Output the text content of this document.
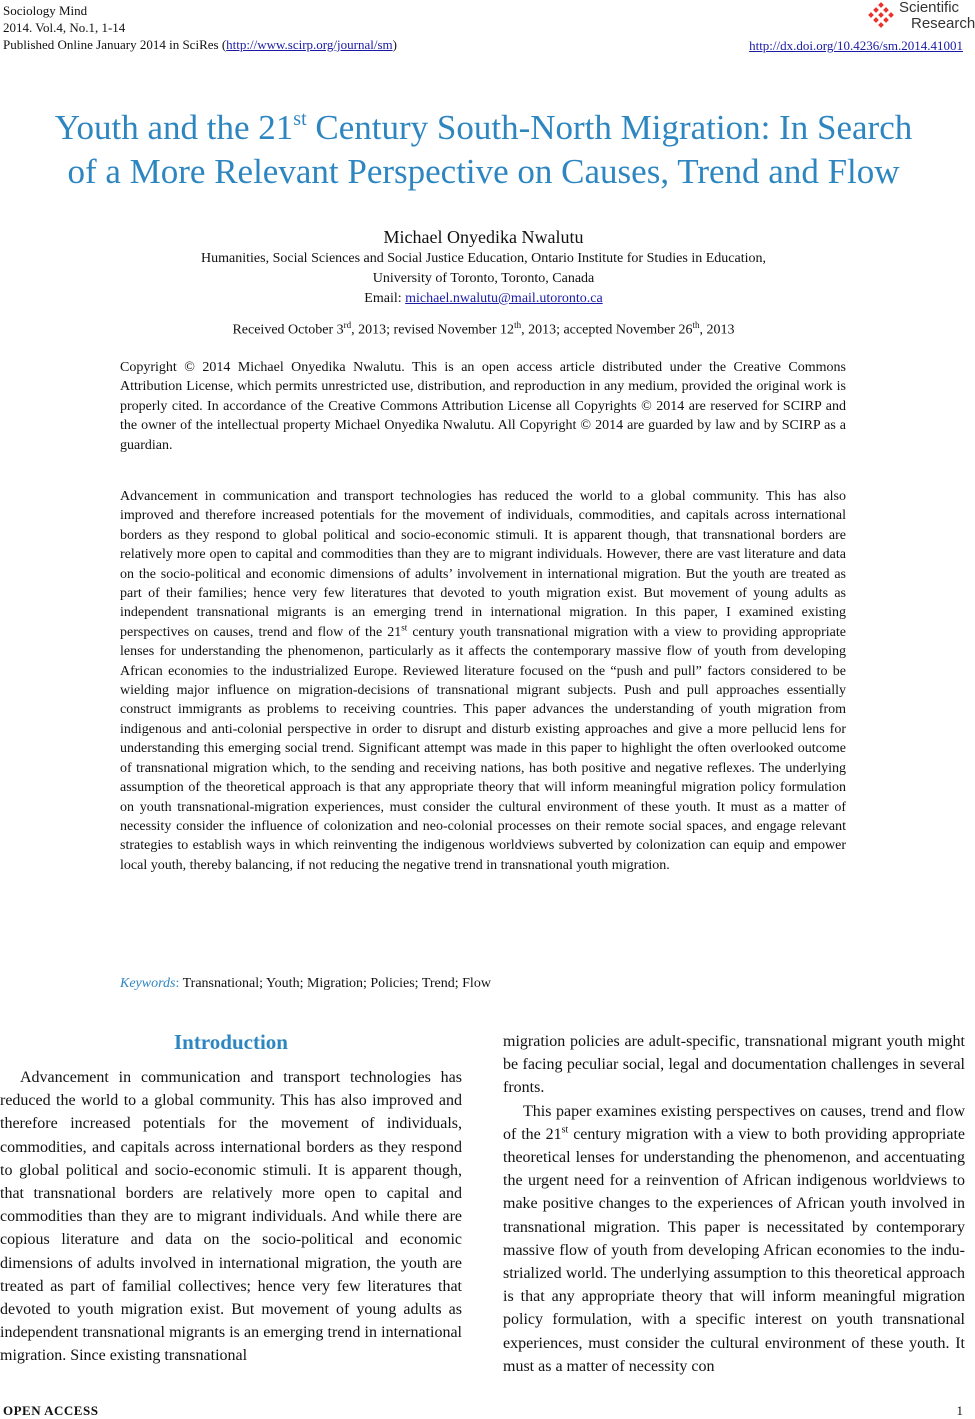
Sociology Mind
2014. Vol.4, No.1, 1-14
Published Online January 2014 in SciRes (http://www.scirp.org/journal/sm)	http://dx.doi.org/10.4236/sm.2014.41001
Scientific
Research
Youth and the 21st Century South-North Migration: In Search
of a More Relevant Perspective on Causes, Trend and Flow
Michael Onyedika Nwalutu
Humanities, Social Sciences and Social Justice Education, Ontario Institute for Studies in Education,
University of Toronto, Toronto, Canada
Email: michael.nwalutu@mail.utoronto.ca
Received October 3rd, 2013; revised November 12th, 2013; accepted November 26th, 2013
Copyright © 2014 Michael Onyedika Nwalutu. This is an open access article distributed under the Creative Commons Attribution License, which permits unrestricted use, distribution, and reproduction in any medium, provided the original work is properly cited. In accordance of the Creative Commons Attribution License all Copyrights © 2014 are reserved for SCIRP and the owner of the intellectual property Michael Onyedika Nwalutu. All Copyright © 2014 are guarded by law and by SCIRP as a guardian.
Advancement in communication and transport technologies has reduced the world to a global community. This has also improved and therefore increased potentials for the movement of individuals, commodities, and capitals across international borders as they respond to global political and socio-economic stimuli. It is apparent though, that transnational borders are relatively more open to capital and commodities than they are to migrant individuals. However, there are vast literature and data on the socio-political and economic dimensions of adults’ involvement in international migration. But the youth are treated as part of their families; hence very few literatures that devoted to youth migration exist. But movement of young adults as independent transnational migrants is an emerging trend in international migration. In this paper, I examined existing perspectives on causes, trend and flow of the 21st century youth transnational migration with a view to providing appropriate lenses for understanding the phenomenon, particularly as it affects the contemporary massive flow of youth from developing African economies to the industrialized Europe. Reviewed literature focused on the “push and pull” factors considered to be wielding major influence on migration-decisions of transnational migrant subjects. Push and pull approaches essentially construct immigrants as problems to receiving countries. This paper advances the understanding of youth migration from indigenous and anti-colonial perspective in order to disrupt and disturb existing approaches and give a more pellucid lens for understanding this emerging social trend. Significant attempt was made in this paper to highlight the often overlooked outcome of transnational migration which, to the sending and receiving nations, has both positive and negative reflexes. The underlying assumption of the theoretical approach is that any appropriate theory that will inform meaningful migration policy formulation on youth transnational-migration experiences, must consider the cultural environment of these youth. It must as a matter of necessity consider the influence of colonization and neo-colonial processes on their remote social spaces, and engage relevant strategies to establish ways in which reinventing the indigenous worldviews subverted by colonization can equip and empower local youth, thereby balancing, if not reducing the negative trend in transnational youth migration.
Keywords: Transnational; Youth; Migration; Policies; Trend; Flow
Introduction

Advancement in communication and transport technologies has reduced the world to a global community. This has also improved and therefore increased potentials for the movement of individuals, commodities, and capitals across international borders as they respond to global political and socio-economic stimuli. It is apparent though, that transnational borders are relatively more open to capital and commodities than they are to migrant individuals. And while there are copious literature and data on the socio-political and economic dimensions of adults involved in international migration, the youth are treated as part of familial collectives; hence very few literatures that devoted to youth migration exist. But movement of young adults as independent transnational migrants is an emerging trend in international migration. Since existing transnational

migration policies are adult-specific, transnational migrant youth might be facing peculiar social, legal and documentation challenges in several fronts.

This paper examines existing perspectives on causes, trend and flow of the 21st century migration with a view to both providing appropriate theoretical lenses for understanding the phenomenon, and accentuating the urgent need for a reinvention of African indigenous worldviews to make positive changes to the experiences of African youth involved in transnational migration. This paper is necessitated by contemporary massive flow of youth from developing African economies to the industrialized world. The underlying assumption to this theoretical approach is that any appropriate theory that will inform meaningful migration policy formulation, with a specific interest on youth transnational experiences, must consider the cultural environment of these youth. It must as a matter of necessity con

OPEN ACCESS	1
